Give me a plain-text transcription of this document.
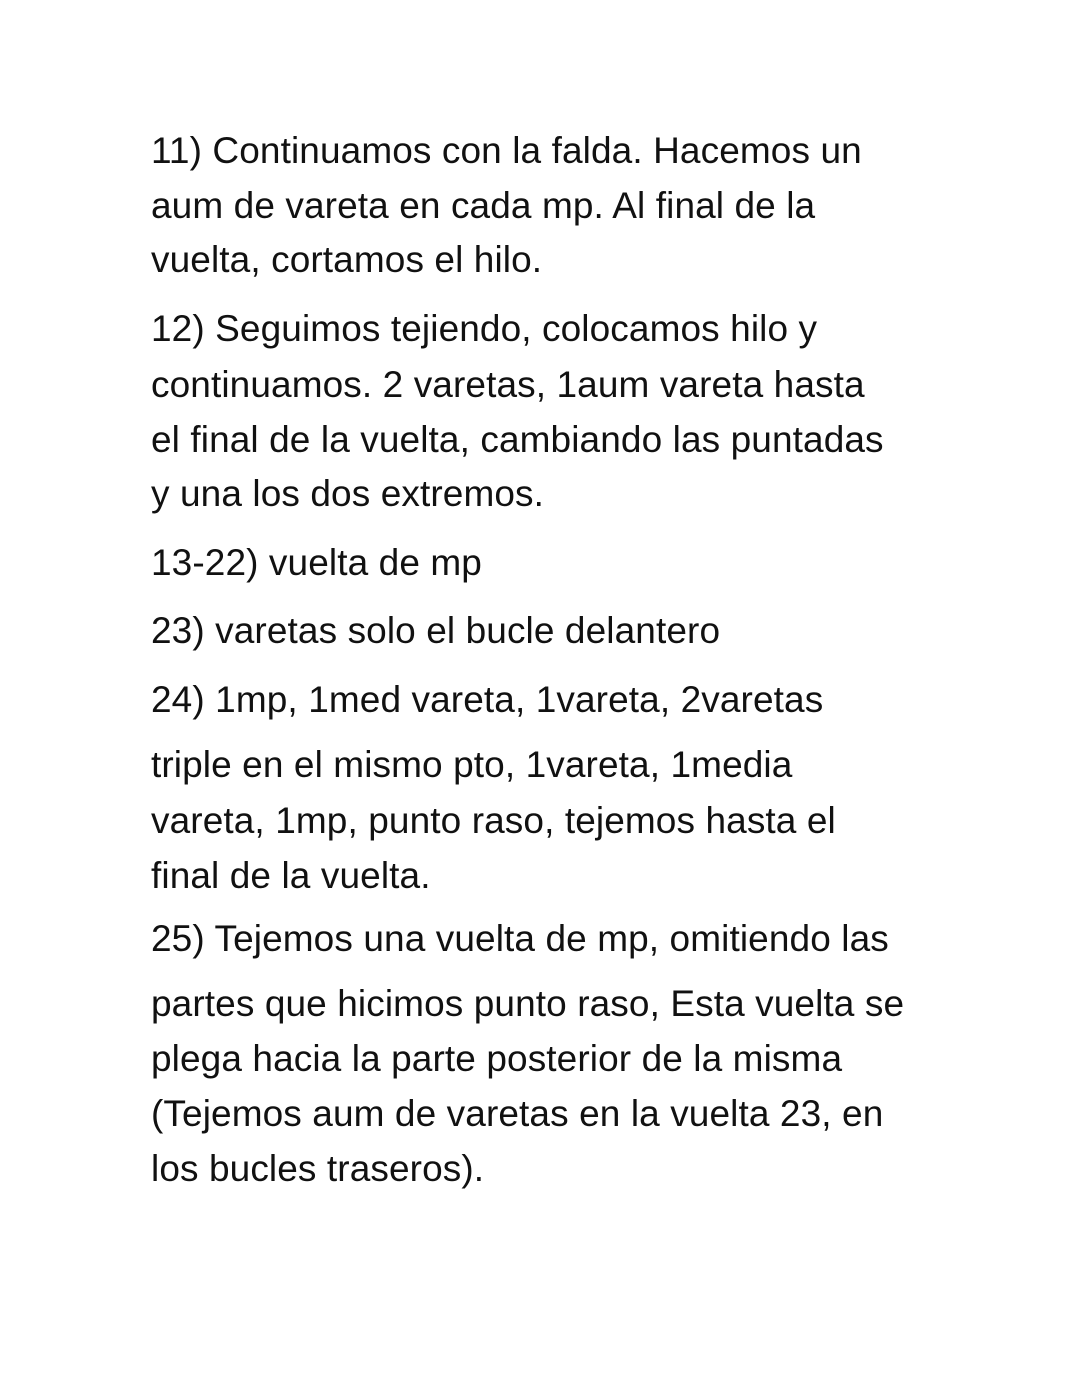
11) Continuamos con la falda. Hacemos un

aum de vareta en cada mp. Al final de la

vuelta, cortamos el hilo.

12) Seguimos tejiendo, colocamos hilo y

continuamos. 2 varetas, 1aum vareta hasta

el final de la vuelta, cambiando las puntadas

y una los dos extremos.

13-22) vuelta de mp

23) varetas solo el bucle delantero

24) 1mp, 1med vareta, 1vareta, 2varetas

triple en el mismo pto, 1vareta, 1media

vareta, 1mp, punto raso, tejemos hasta el

final de la vuelta.

25) Tejemos una vuelta de mp, omitiendo las

partes que hicimos punto raso, Esta vuelta se

plega hacia la parte posterior de la misma

(Tejemos aum de varetas en la vuelta 23, en

los bucles traseros).
